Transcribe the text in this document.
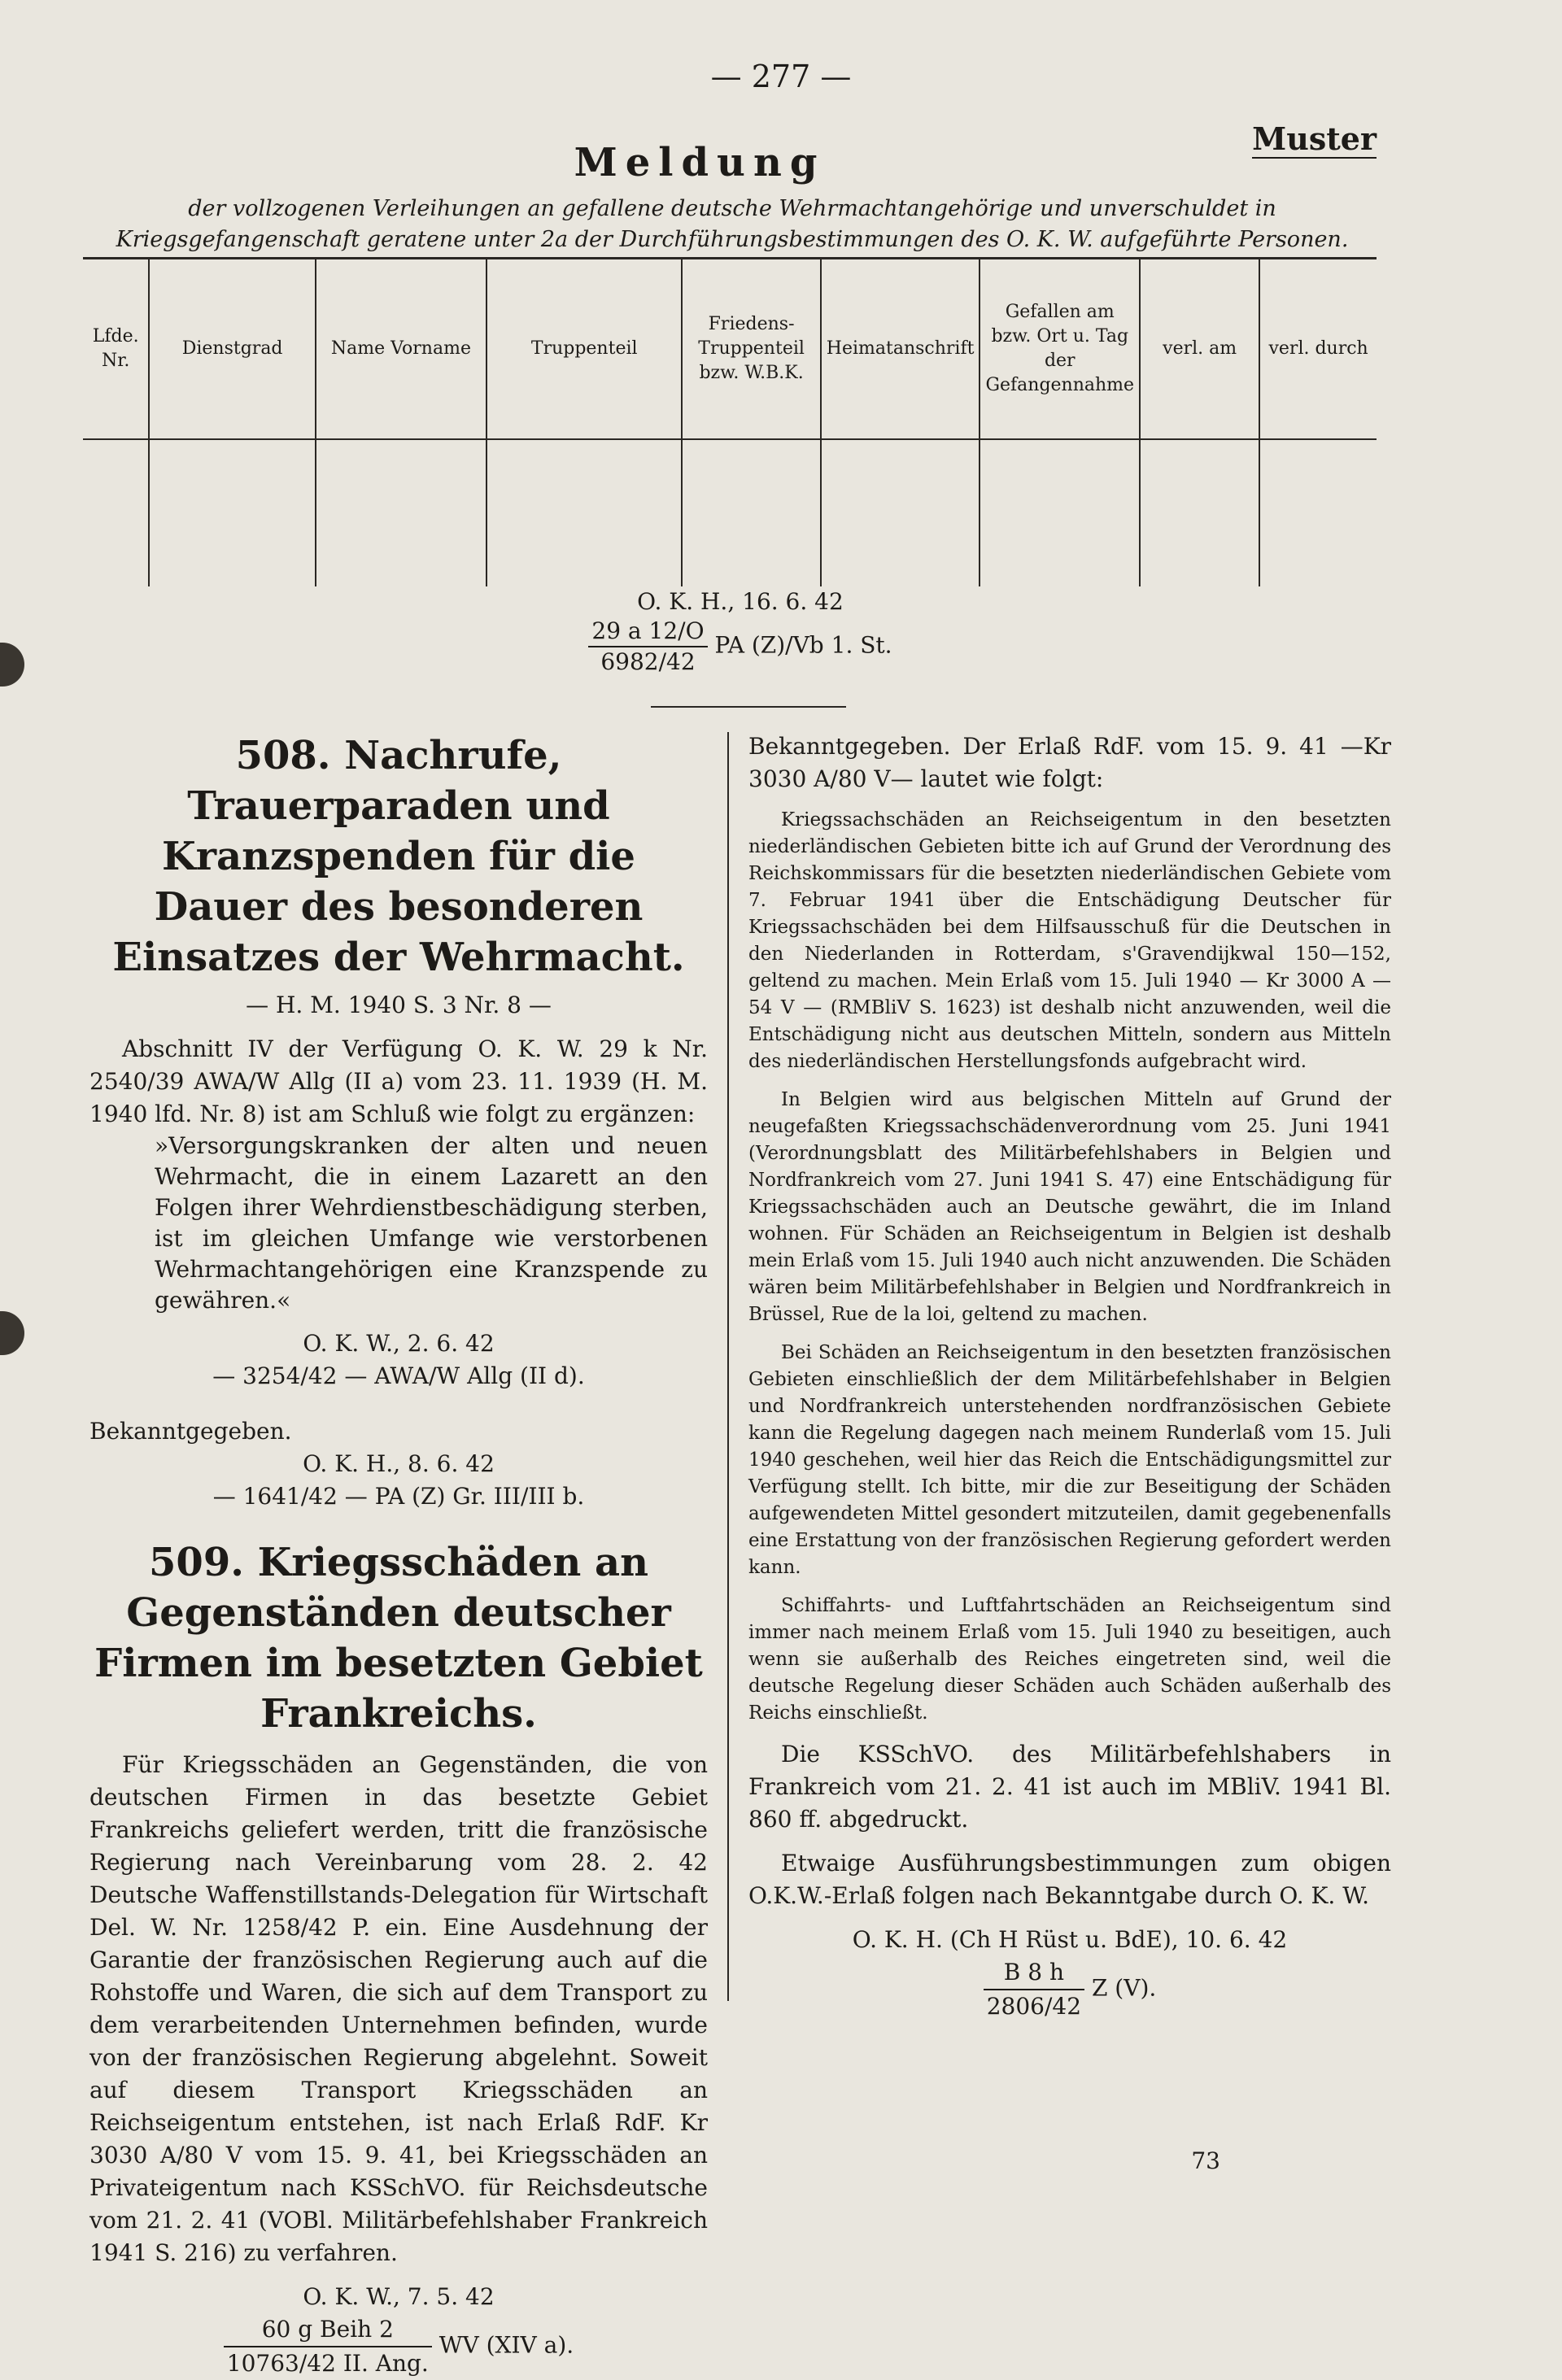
— 277 —
Muster
Meldung
der vollzogenen Verleihungen an gefallene deutsche Wehrmachtangehörige und unverschuldet in Kriegsgefangenschaft geratene unter 2a der Durchführungsbestimmungen des O. K. W. aufgeführte Personen.
Lfde. Nr.	Dienstgrad	Name Vorname	Truppenteil	Friedens-Truppenteil bzw. W.B.K.	Heimatanschrift	Gefallen am bzw. Ort u. Tag der Gefangennahme	verl. am	verl. durch

O. K. H., 16. 6. 42
$\frac{29 a 12/O}{6982/42}$ PA (Z)/Vb 1. St.
508. Nachrufe, Trauerparaden und Kranzspenden für die Dauer des besonderen Einsatzes der Wehrmacht.

— H. M. 1940 S. 3 Nr. 8 —

Abschnitt IV der Verfügung O. K. W. 29 k Nr. 2540/39 AWA/W Allg (II a) vom 23. 11. 1939 (H. M. 1940 lfd. Nr. 8) ist am Schluß wie folgt zu ergänzen:

»Versorgungskranken der alten und neuen Wehrmacht, die in einem Lazarett an den Folgen ihrer Wehrdienstbeschädigung sterben, ist im gleichen Umfange wie verstorbenen Wehrmachtangehörigen eine Kranzspende zu gewähren.«

O. K. W., 2. 6. 42

— 3254/42 — AWA/W Allg (II d).

Bekanntgegeben.

O. K. H., 8. 6. 42

— 1641/42 — PA (Z) Gr. III/III b.

509. Kriegsschäden an Gegenständen deutscher Firmen im besetzten Gebiet Frankreichs.

Für Kriegsschäden an Gegenständen, die von deutschen Firmen in das besetzte Gebiet Frankreichs geliefert werden, tritt die französische Regierung nach Vereinbarung vom 28. 2. 42 Deutsche Waffenstillstands-Delegation für Wirtschaft Del. W. Nr. 1258/42 P. ein. Eine Ausdehnung der Garantie der französischen Regierung auch auf die Rohstoffe und Waren, die sich auf dem Transport zu dem verarbeitenden Unternehmen befinden, wurde von der französischen Regierung abgelehnt. Soweit auf diesem Transport Kriegsschäden an Reichseigentum entstehen, ist nach Erlaß RdF. Kr 3030 A/80 V vom 15. 9. 41, bei Kriegsschäden an Privateigentum nach KSSchVO. für Reichsdeutsche vom 21. 2. 41 (VOBl. Militärbefehlshaber Frankreich 1941 S. 216) zu verfahren.

O. K. W., 7. 5. 42

$\frac{\text{60 g Beih 2}}{\text{10763/42 II. Ang.}}$ WV (XIV a).

Bekanntgegeben. Der Erlaß RdF. vom 15. 9. 41 —Kr 3030 A/80 V— lautet wie folgt:

Kriegssachschäden an Reichseigentum in den besetzten niederländischen Gebieten bitte ich auf Grund der Verordnung des Reichskommissars für die besetzten niederländischen Gebiete vom 7. Februar 1941 über die Entschädigung Deutscher für Kriegssachschäden bei dem Hilfsausschuß für die Deutschen in den Niederlanden in Rotterdam, s'Gravendijkwal 150—152, geltend zu machen. Mein Erlaß vom 15. Juli 1940 — Kr 3000 A — 54 V — (RMBliV S. 1623) ist deshalb nicht anzuwenden, weil die Entschädigung nicht aus deutschen Mitteln, sondern aus Mitteln des niederländischen Herstellungsfonds aufgebracht wird.

In Belgien wird aus belgischen Mitteln auf Grund der neugefaßten Kriegssachschädenverordnung vom 25. Juni 1941 (Verordnungsblatt des Militärbefehlshabers in Belgien und Nordfrankreich vom 27. Juni 1941 S. 47) eine Entschädigung für Kriegssachschäden auch an Deutsche gewährt, die im Inland wohnen. Für Schäden an Reichseigentum in Belgien ist deshalb mein Erlaß vom 15. Juli 1940 auch nicht anzuwenden. Die Schäden wären beim Militärbefehlshaber in Belgien und Nordfrankreich in Brüssel, Rue de la loi, geltend zu machen.

Bei Schäden an Reichseigentum in den besetzten französischen Gebieten einschließlich der dem Militärbefehlshaber in Belgien und Nordfrankreich unterstehenden nordfranzösischen Gebiete kann die Regelung dagegen nach meinem Runderlaß vom 15. Juli 1940 geschehen, weil hier das Reich die Entschädigungsmittel zur Verfügung stellt. Ich bitte, mir die zur Beseitigung der Schäden aufgewendeten Mittel gesondert mitzuteilen, damit gegebenenfalls eine Erstattung von der französischen Regierung gefordert werden kann.

Schiffahrts- und Luftfahrtschäden an Reichseigentum sind immer nach meinem Erlaß vom 15. Juli 1940 zu beseitigen, auch wenn sie außerhalb des Reiches eingetreten sind, weil die deutsche Regelung dieser Schäden auch Schäden außerhalb des Reichs einschließt.

Die KSSchVO. des Militärbefehlshabers in Frankreich vom 21. 2. 41 ist auch im MBliV. 1941 Bl. 860 ff. abgedruckt.

Etwaige Ausführungsbestimmungen zum obigen O.K.W.-Erlaß folgen nach Bekanntgabe durch O. K. W.

O. K. H. (Ch H Rüst u. BdE), 10. 6. 42

$\frac{B 8 h}{2806/42}$ Z (V).
73
